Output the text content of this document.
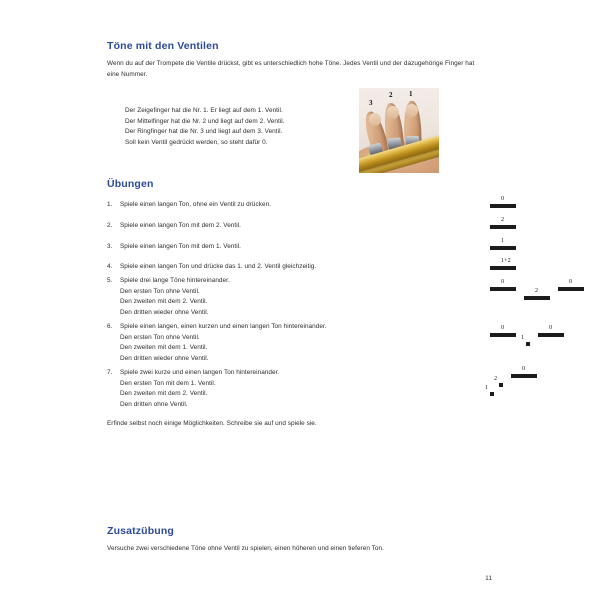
Töne mit den Ventilen
Wenn du auf der Trompete die Ventile drückst, gibt es unterschiedlich hohe Töne. Jedes Ventil und der dazugehörige Finger hat eine Nummer.
Der Zeigefinger hat die Nr. 1. Er liegt auf dem 1. Ventil.
Der Mittelfinger hat die Nr. 2 und liegt auf dem 2. Ventil.
Der Ringfinger hat die Nr. 3 und liegt auf dem 3. Ventil.
Soll kein Ventil gedrückt werden, so steht dafür 0.
3
2 1
Übungen
1.	Spiele einen langen Ton, ohne ein Ventil zu drücken.
2.	Spiele einen langen Ton mit dem 2. Ventil.
3.	Spiele einen langen Ton mit dem 1. Ventil.
4.	Spiele einen langen Ton und drücke das 1. und 2. Ventil gleichzeitig.
5.	Spiele drei lange Töne hintereinander.
Den ersten Ton ohne Ventil.
Den zweiten mit dem 2. Ventil.
Den dritten wieder ohne Ventil.
6.	Spiele einen langen, einen kurzen und einen langen Ton hintereinander.
Den ersten Ton ohne Ventil.
Den zweiten mit dem 1. Ventil.
Den dritten wieder ohne Ventil.
7.	Spiele zwei kurze und einen langen Ton hintereinander.
Den ersten Ton mit dem 1. Ventil.
Den zweiten mit dem 2. Ventil.
Den dritten ohne Ventil.
0
2
1
1+2
0
2
0
0
1
0
1
2
0
Erfinde selbst noch einige Möglichkeiten. Schreibe sie auf und spiele sie.
Zusatzübung
Versuche zwei verschiedene Töne ohne Ventil zu spielen, einen höheren und einen tieferen Ton.
11
